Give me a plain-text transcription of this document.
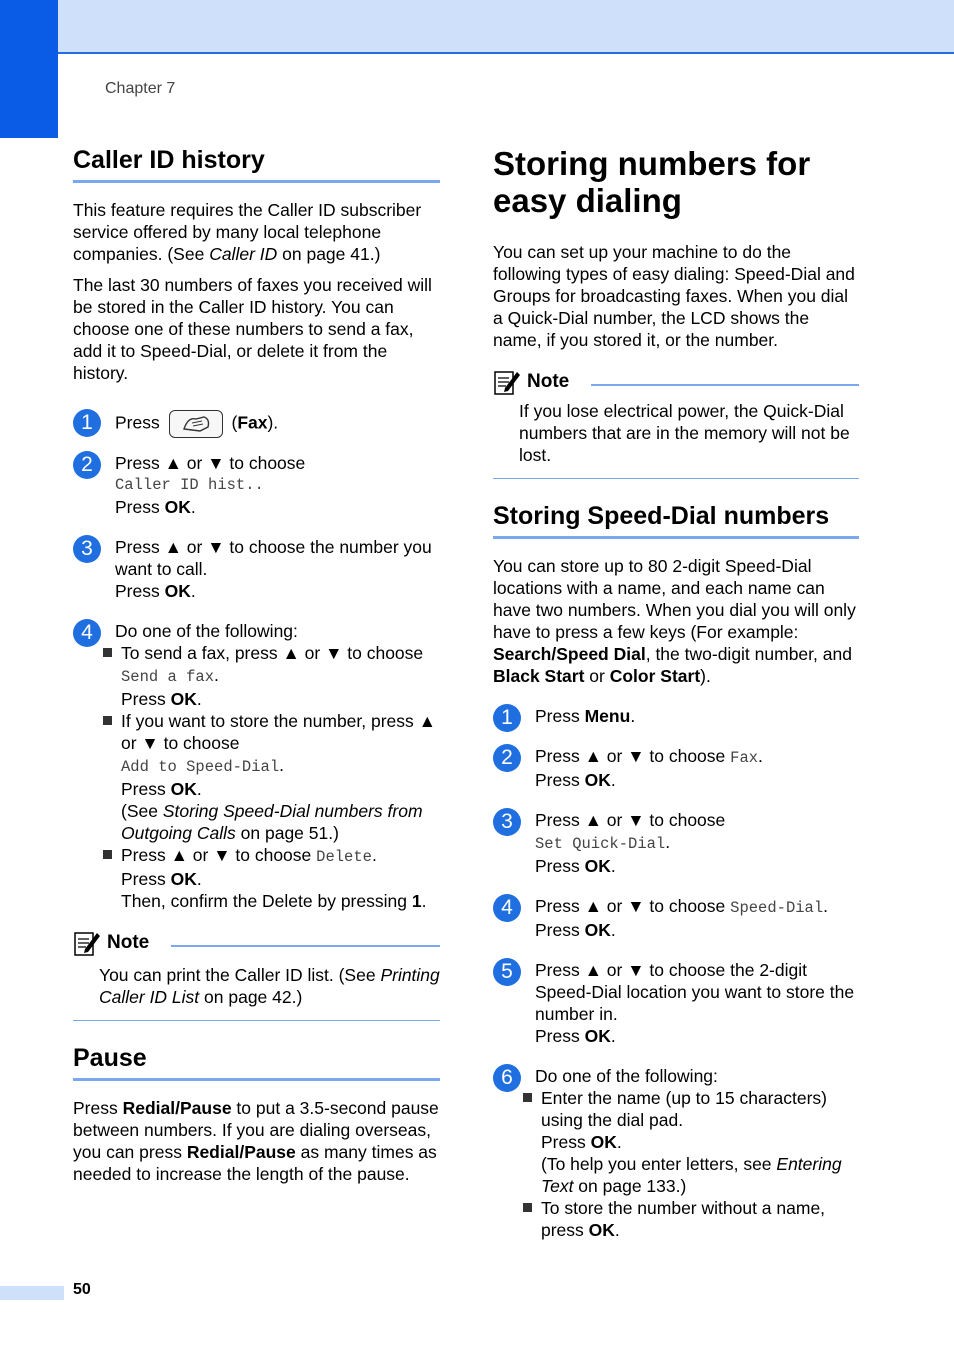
Chapter 7
Caller ID history

This feature requires the Caller ID subscriber service offered by many local telephone companies. (See Caller ID on page 41.)

The last 30 numbers of faxes you received will be stored in the Caller ID history. You can choose one of these numbers to send a fax, add it to Speed-Dial, or delete it from the history.

1	Press	(Fax).
2	Press ▲ or ▼ to choose

Caller ID hist..

Press OK.

3	Press ▲ or ▼ to choose the number you want to call.

Press OK.

4	Do one of the following:

To send a fax, press ▲ or ▼ to choose Send a fax.

Press OK.

If you want to store the number, press ▲ or ▼ to choose

Add to Speed-Dial.

Press OK.

(See Storing Speed-Dial numbers from Outgoing Calls on page 51.)

Press ▲ or ▼ to choose Delete.

Press OK.

Then, confirm the Delete by pressing 1.

Note

You can print the Caller ID list. (See Printing Caller ID List on page 42.)

Pause

Press Redial/Pause to put a 3.5-second pause between numbers. If you are dialing overseas, you can press Redial/Pause as many times as needed to increase the length of the pause.

Storing numbers for easy dialing

You can set up your machine to do the following types of easy dialing: Speed-Dial and Groups for broadcasting faxes. When you dial a Quick-Dial number, the LCD shows the name, if you stored it, or the number.

Note

If you lose electrical power, the Quick-Dial numbers that are in the memory will not be lost.

Storing Speed-Dial numbers

You can store up to 80 2-digit Speed-Dial locations with a name, and each name can have two numbers. When you dial you will only have to press a few keys (For example: Search/Speed Dial, the two-digit number, and Black Start or Color Start).

1	Press Menu.

2	Press ▲ or ▼ to choose Fax.

Press OK.

3	Press ▲ or ▼ to choose

Set Quick-Dial.

Press OK.

4	Press ▲ or ▼ to choose Speed-Dial.

Press OK.

5	Press ▲ or ▼ to choose the 2-digit Speed-Dial location you want to store the number in.

Press OK.

6	Do one of the following:

Enter the name (up to 15 characters) using the dial pad.

Press OK.

(To help you enter letters, see Entering Text on page 133.)

To store the number without a name, press OK.

50
